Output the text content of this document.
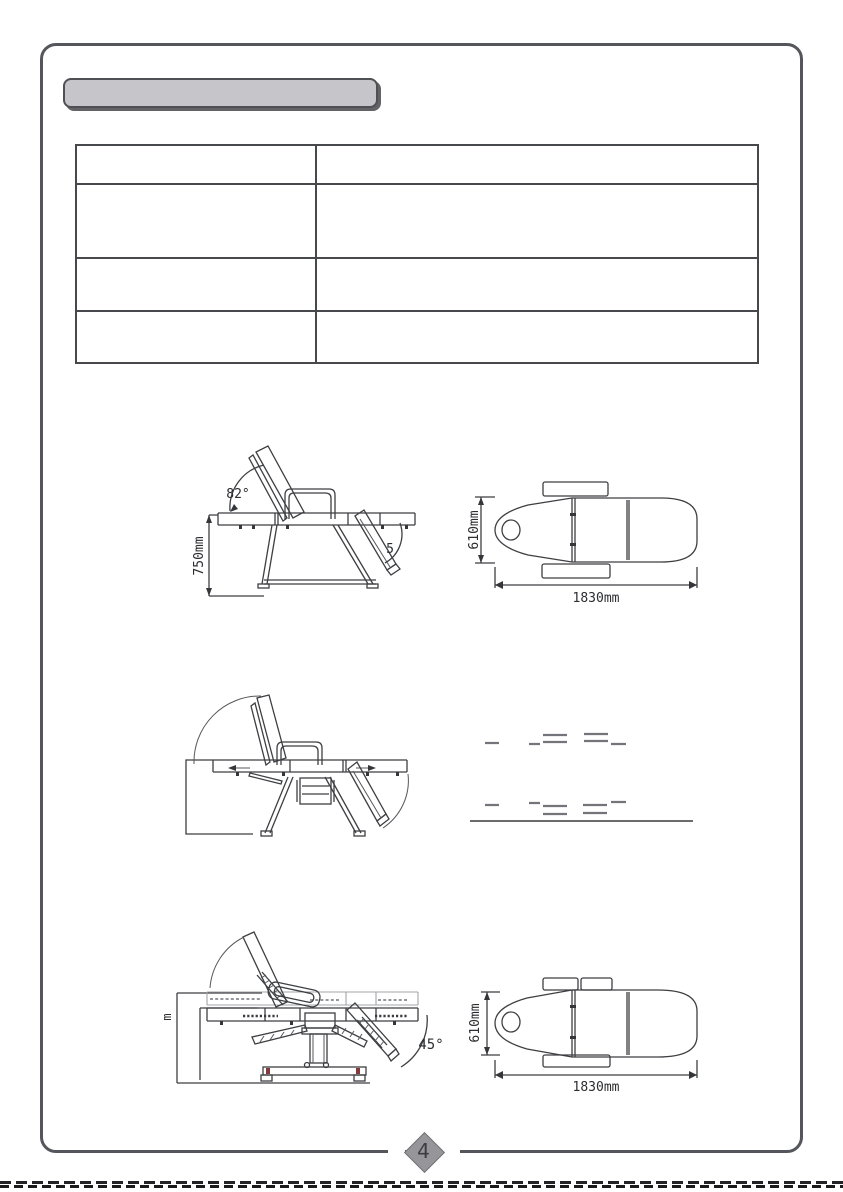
750mm
82°
5	610mm
1830mm
m
45°
610mm
1830mm
4
